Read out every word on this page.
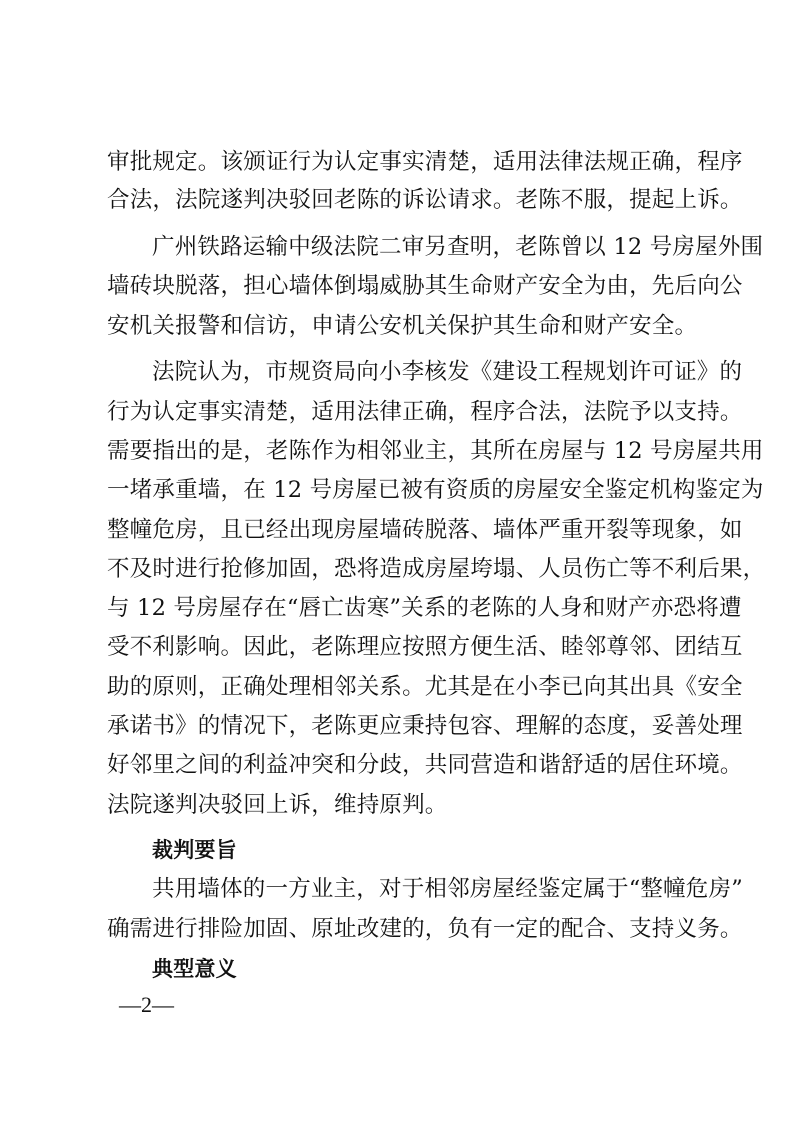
审批规定。该颁证行为认定事实清楚，适用法律法规正确，程序
合法，法院遂判决驳回老陈的诉讼请求。老陈不服，提起上诉。
广州铁路运输中级法院二审另查明，老陈曾以 12 号房屋外围
墙砖块脱落，担心墙体倒塌威胁其生命财产安全为由，先后向公
安机关报警和信访，申请公安机关保护其生命和财产安全。
法院认为，市规资局向小李核发《建设工程规划许可证》的
行为认定事实清楚，适用法律正确，程序合法，法院予以支持。
需要指出的是，老陈作为相邻业主，其所在房屋与 12 号房屋共用
一堵承重墙，在 12 号房屋已被有资质的房屋安全鉴定机构鉴定为
整幢危房，且已经出现房屋墙砖脱落、墙体严重开裂等现象，如
不及时进行抢修加固，恐将造成房屋垮塌、人员伤亡等不利后果，
与 12 号房屋存在“唇亡齿寒”关系的老陈的人身和财产亦恐将遭
受不利影响。因此，老陈理应按照方便生活、睦邻尊邻、团结互
助的原则，正确处理相邻关系。尤其是在小李已向其出具《安全
承诺书》的情况下，老陈更应秉持包容、理解的态度，妥善处理
好邻里之间的利益冲突和分歧，共同营造和谐舒适的居住环境。
法院遂判决驳回上诉，维持原判。
裁判要旨
共用墙体的一方业主，对于相邻房屋经鉴定属于“整幢危房”
确需进行排险加固、原址改建的，负有一定的配合、支持义务。
典型意义
—2—
